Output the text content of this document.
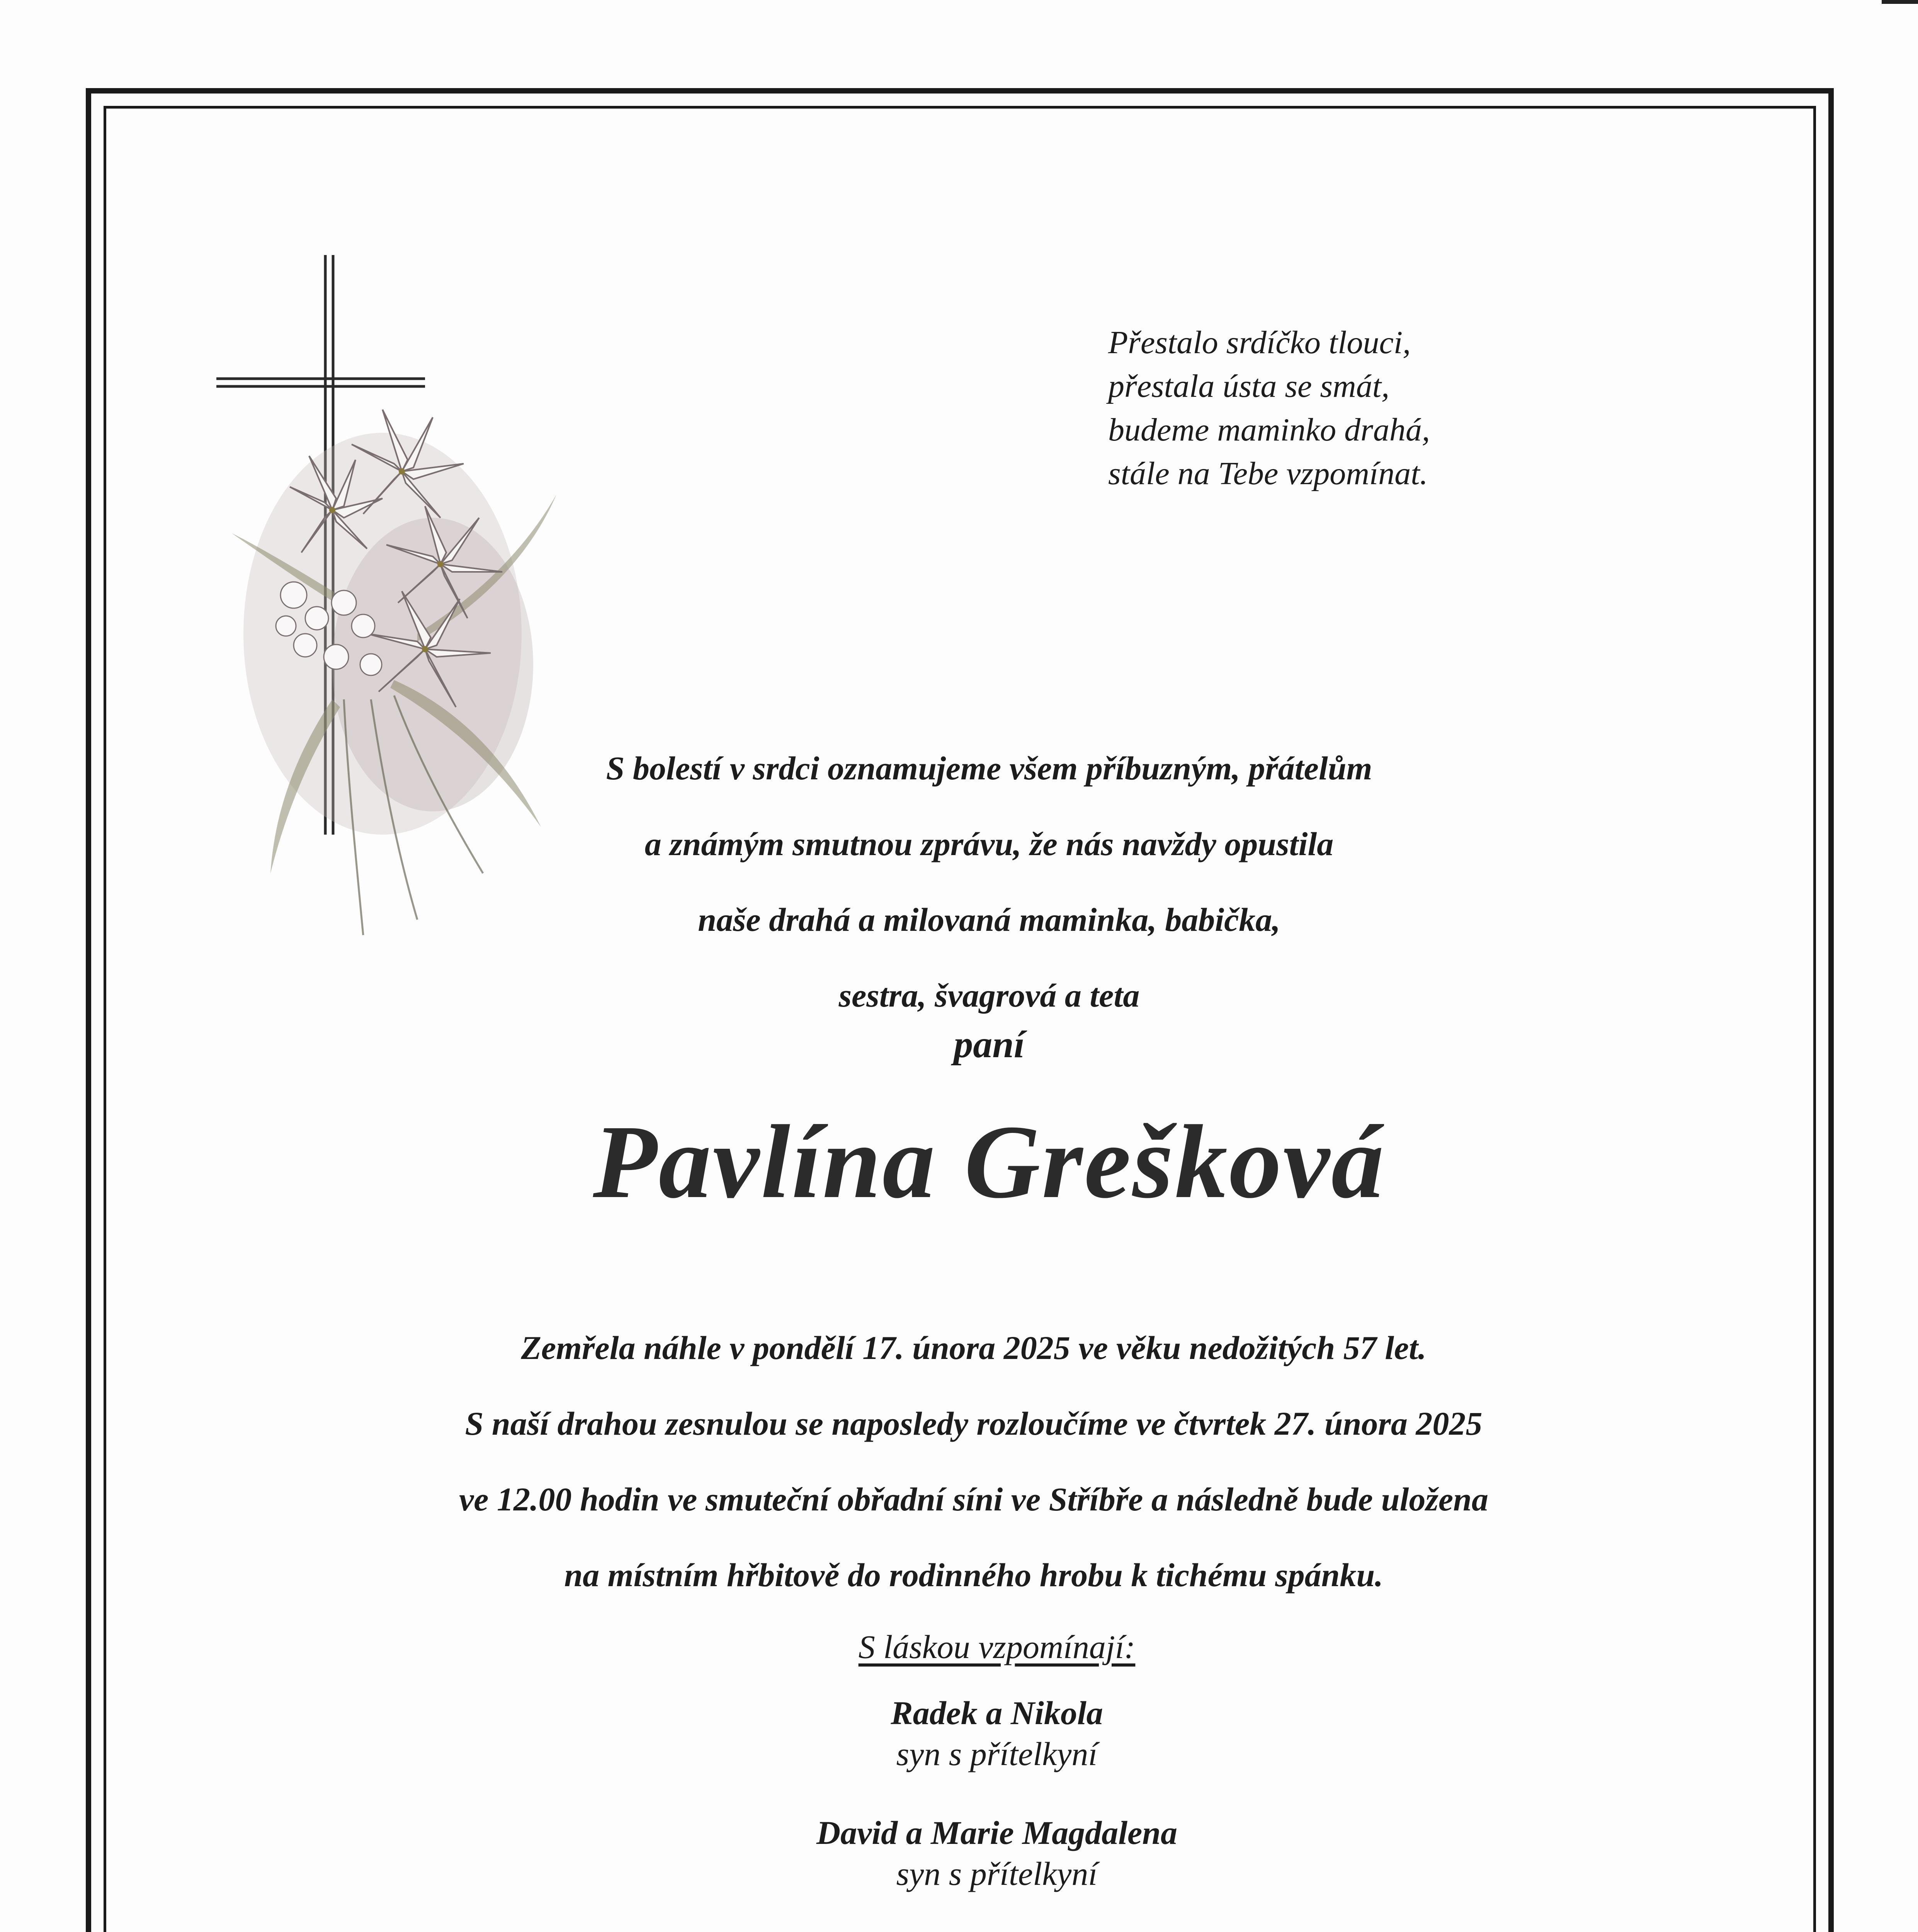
Přestalo srdíčko tlouci,
přestala ústa se smát,
budeme maminko drahá,
stále na Tebe vzpomínat.
S bolestí v srdci oznamujeme všem příbuzným, přátelům
a známým smutnou zprávu, že nás navždy opustila
naše drahá a milovaná maminka, babička,
sestra, švagrová a teta
paní
Pavlína Grešková
Zemřela náhle v pondělí 17. února 2025 ve věku nedožitých 57 let.
S naší drahou zesnulou se naposledy rozloučíme ve čtvrtek 27. února 2025
ve 12.00 hodin ve smuteční obřadní síni ve Stříbře a následně bude uložena
na místním hřbitově do rodinného hrobu k tichému spánku.
S láskou vzpomínají:
Radek a Nikola
syn s přítelkyní
David a Marie Magdalena
syn s přítelkyní
